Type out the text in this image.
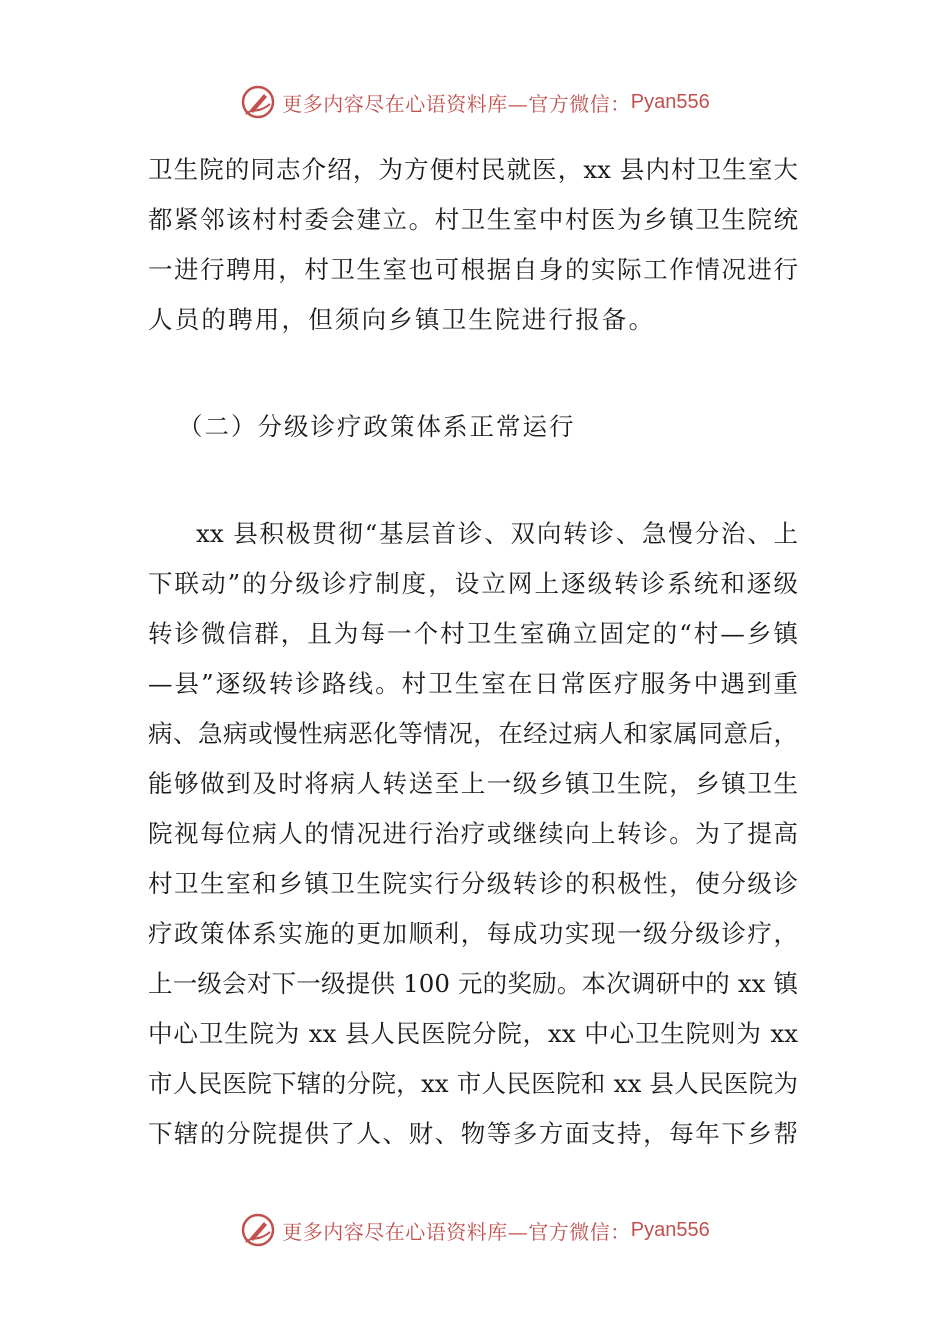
更多内容尽在心语资料库—官方微信： Pyan556
卫生院的同志介绍，为方便村民就医，xx 县内村卫生室大
都紧邻该村村委会建立。村卫生室中村医为乡镇卫生院统
一进行聘用，村卫生室也可根据自身的实际工作情况进行
人员的聘用，但须向乡镇卫生院进行报备。
（二）分级诊疗政策体系正常运行
xx 县积极贯彻“基层首诊、双向转诊、急慢分治、上
下联动”的分级诊疗制度，设立网上逐级转诊系统和逐级
转诊微信群，且为每一个村卫生室确立固定的“村—乡镇
—县”逐级转诊路线。村卫生室在日常医疗服务中遇到重
病、急病或慢性病恶化等情况，在经过病人和家属同意后，
能够做到及时将病人转送至上一级乡镇卫生院，乡镇卫生
院视每位病人的情况进行治疗或继续向上转诊。为了提高
村卫生室和乡镇卫生院实行分级转诊的积极性，使分级诊
疗政策体系实施的更加顺利，每成功实现一级分级诊疗，
上一级会对下一级提供 100 元的奖励。本次调研中的 xx 镇
中心卫生院为 xx 县人民医院分院，xx 中心卫生院则为 xx
市人民医院下辖的分院，xx 市人民医院和 xx 县人民医院为
下辖的分院提供了人、财、物等多方面支持，每年下乡帮
更多内容尽在心语资料库—官方微信： Pyan556
